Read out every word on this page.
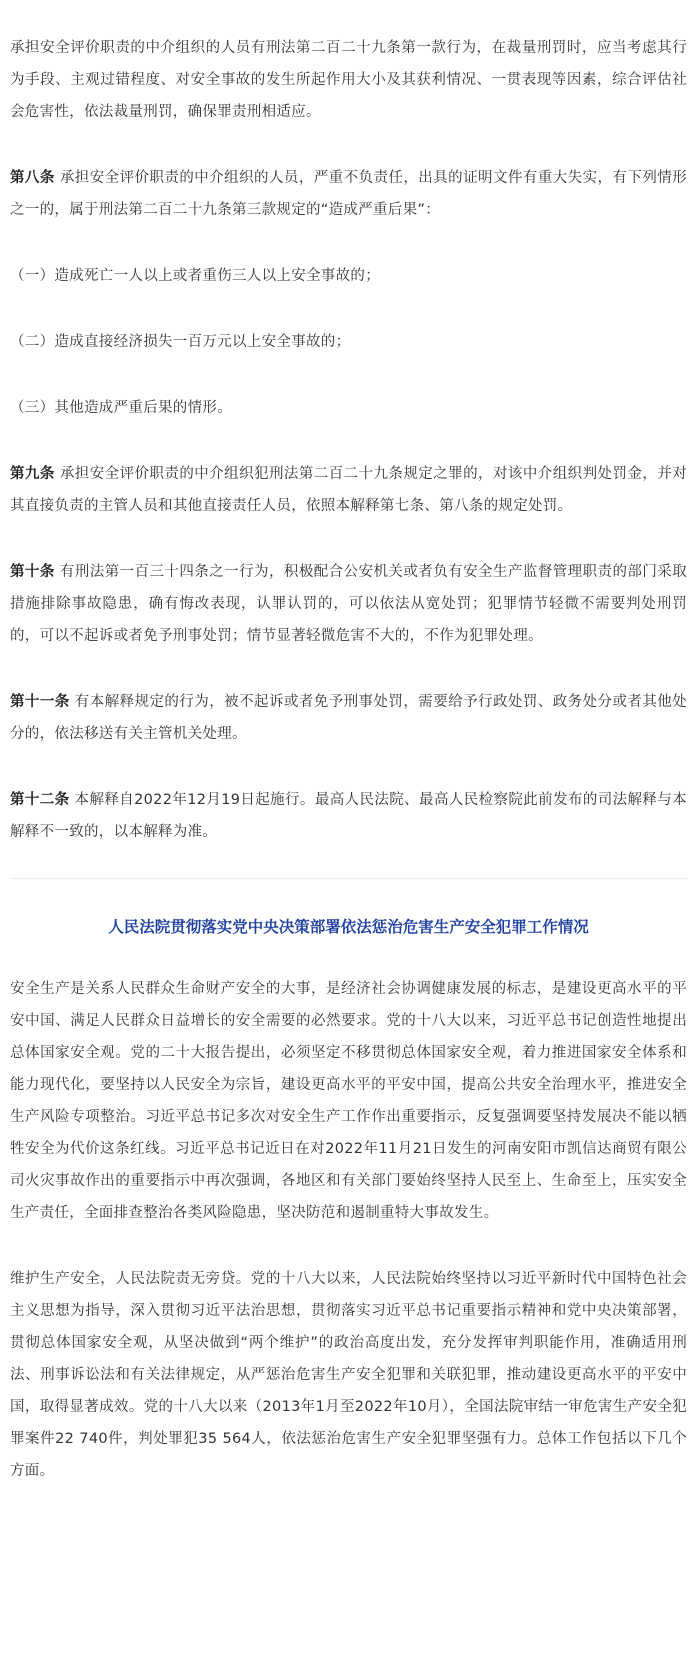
承担安全评价职责的中介组织的人员有刑法第二百二十九条第一款行为，在裁量刑罚时，应当考虑其行为手段、主观过错程度、对安全事故的发生所起作用大小及其获利情况、一贯表现等因素，综合评估社会危害性，依法裁量刑罚，确保罪责刑相适应。

第八条 承担安全评价职责的中介组织的人员，严重不负责任，出具的证明文件有重大失实，有下列情形之一的，属于刑法第二百二十九条第三款规定的“造成严重后果”：

（一）造成死亡一人以上或者重伤三人以上安全事故的；

（二）造成直接经济损失一百万元以上安全事故的；

（三）其他造成严重后果的情形。

第九条 承担安全评价职责的中介组织犯刑法第二百二十九条规定之罪的，对该中介组织判处罚金，并对其直接负责的主管人员和其他直接责任人员，依照本解释第七条、第八条的规定处罚。

第十条 有刑法第一百三十四条之一行为，积极配合公安机关或者负有安全生产监督管理职责的部门采取措施排除事故隐患，确有悔改表现，认罪认罚的，可以依法从宽处罚；犯罪情节轻微不需要判处刑罚的，可以不起诉或者免予刑事处罚；情节显著轻微危害不大的，不作为犯罪处理。

第十一条 有本解释规定的行为，被不起诉或者免予刑事处罚，需要给予行政处罚、政务处分或者其他处分的，依法移送有关主管机关处理。

第十二条 本解释自2022年12月19日起施行。最高人民法院、最高人民检察院此前发布的司法解释与本解释不一致的，以本解释为准。

人民法院贯彻落实党中央决策部署依法惩治危害生产安全犯罪工作情况

安全生产是关系人民群众生命财产安全的大事，是经济社会协调健康发展的标志，是建设更高水平的平安中国、满足人民群众日益增长的安全需要的必然要求。党的十八大以来，习近平总书记创造性地提出总体国家安全观。党的二十大报告提出，必须坚定不移贯彻总体国家安全观，着力推进国家安全体系和能力现代化，要坚持以人民安全为宗旨，建设更高水平的平安中国，提高公共安全治理水平，推进安全生产风险专项整治。习近平总书记多次对安全生产工作作出重要指示，反复强调要坚持发展决不能以牺牲安全为代价这条红线。习近平总书记近日在对2022年11月21日发生的河南安阳市凯信达商贸有限公司火灾事故作出的重要指示中再次强调，各地区和有关部门要始终坚持人民至上、生命至上，压实安全生产责任，全面排查整治各类风险隐患，坚决防范和遏制重特大事故发生。

维护生产安全，人民法院责无旁贷。党的十八大以来，人民法院始终坚持以习近平新时代中国特色社会主义思想为指导，深入贯彻习近平法治思想，贯彻落实习近平总书记重要指示精神和党中央决策部署，贯彻总体国家安全观，从坚决做到“两个维护”的政治高度出发，充分发挥审判职能作用，准确适用刑法、刑事诉讼法和有关法律规定，从严惩治危害生产安全犯罪和关联犯罪，推动建设更高水平的平安中国，取得显著成效。党的十八大以来（2013年1月至2022年10月），全国法院审结一审危害生产安全犯罪案件22 740件，判处罪犯35 564人，依法惩治危害生产安全犯罪坚强有力。总体工作包括以下几个方面。
